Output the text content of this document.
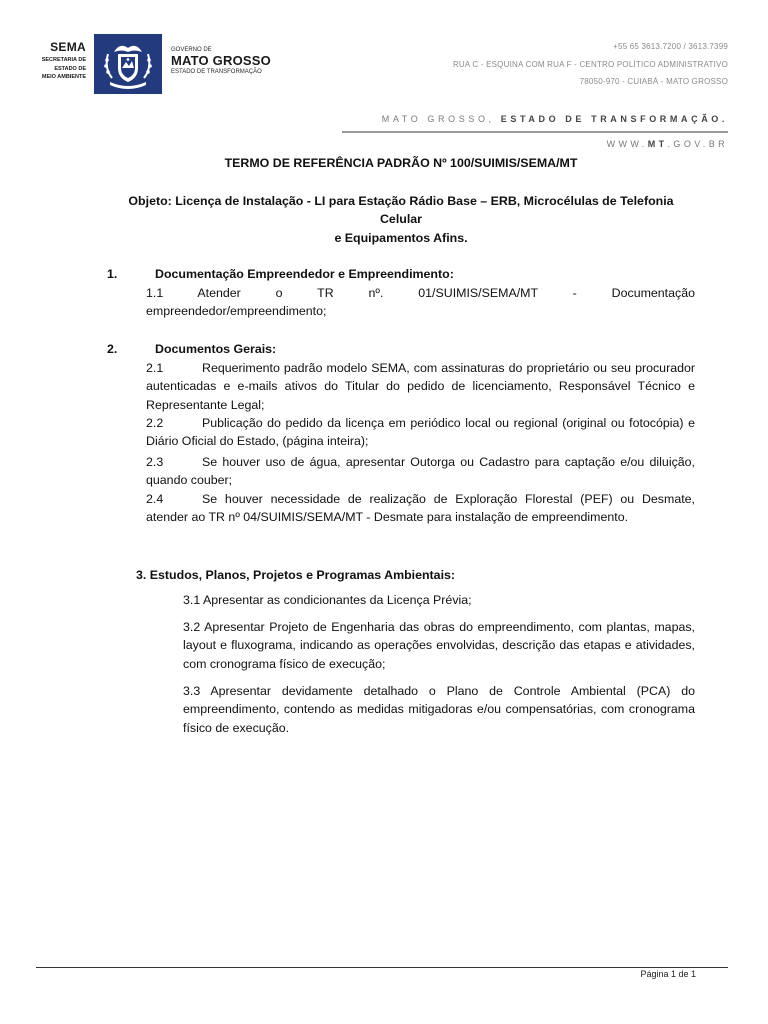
SEMA
SECRETARIA DE
ESTADO DE
MEIO AMBIENTE
GOVERNO DE
MATO GROSSO
ESTADO DE TRANSFORMAÇÃO
+55 65 3613.7200 / 3613.7399
RUA C - ESQUINA COM RUA F - CENTRO POLÍTICO ADMINISTRATIVO
78050-970 - CUIABÁ - MATO GROSSO
MATO GROSSO, ESTADO DE TRANSFORMAÇÃO.
WWW.MT.GOV.BR
TERMO DE REFERÊNCIA PADRÃO Nº 100/SUIMIS/SEMA/MT
Objeto: Licença de Instalação - LI para Estação Rádio Base – ERB, Microcélulas de Telefonia Celular
e Equipamentos Afins.
1.	Documentação Empreendedor e Empreendimento:
1.1	Atender o TR nº. 01/SUIMIS/SEMA/MT - Documentação
empreendedor/empreendimento;
2.	Documentos Gerais:
2.1	Requerimento padrão modelo SEMA, com assinaturas do proprietário ou seu procurador autenticadas e e-mails ativos do Titular do pedido de licenciamento, Responsável Técnico e Representante Legal;
2.2	Publicação do pedido da licença em periódico local ou regional (original ou fotocópia) e Diário Oficial do Estado, (página inteira);
2.3	Se houver uso de água, apresentar Outorga ou Cadastro para captação e/ou diluição, quando couber;
2.4	Se houver necessidade de realização de Exploração Florestal (PEF) ou Desmate, atender ao TR nº 04/SUIMIS/SEMA/MT - Desmate para instalação de empreendimento.
3. Estudos, Planos, Projetos e Programas Ambientais:
3.1 Apresentar as condicionantes da Licença Prévia;
3.2 Apresentar Projeto de Engenharia das obras do empreendimento, com plantas, mapas, layout e fluxograma, indicando as operações envolvidas, descrição das etapas e atividades, com cronograma físico de execução;
3.3 Apresentar devidamente detalhado o Plano de Controle Ambiental (PCA) do empreendimento, contendo as medidas mitigadoras e/ou compensatórias, com cronograma físico de execução.
Página 1 de 1
